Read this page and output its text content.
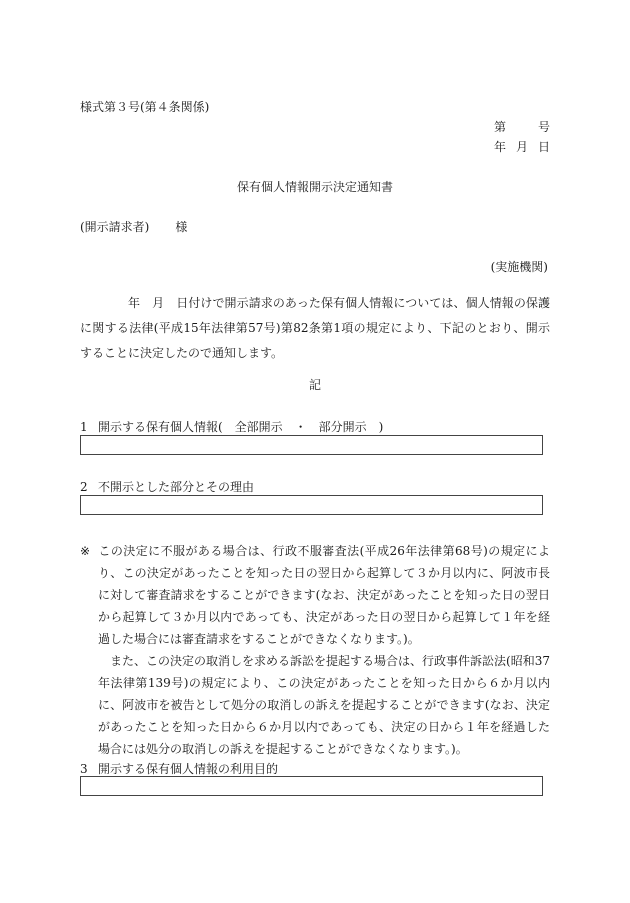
様式第３号(第４条関係)
第	号
年 月 日
保有個人情報開示決定通知書
(開示請求者) 様
(実施機関)

年　月　日付けで開示請求のあった保有個人情報については、個人情報の保護に関する法律(平成15年法律第57号)第82条第1項の規定により、下記のとおり、開示することに決定したので通知します。

記
1 開示する保有個人情報(　全部開示　・　部分開示　)
2 不開示とした部分とその理由

※ この決定に不服がある場合は、行政不服審査法(平成26年法律第68号)の規定により、この決定があったことを知った日の翌日から起算して３か月以内に、阿波市長に対して審査請求をすることができます(なお、決定があったことを知った日の翌日から起算して３か月以内であっても、決定があった日の翌日から起算して１年を経過した場合には審査請求をすることができなくなります。)。

また、この決定の取消しを求める訴訟を提起する場合は、行政事件訴訟法(昭和37年法律第139号)の規定により、この決定があったことを知った日から６か月以内に、阿波市を被告として処分の取消しの訴えを提起することができます(なお、決定があったことを知った日から６か月以内であっても、決定の日から１年を経過した場合には処分の取消しの訴えを提起することができなくなります。)。

3 開示する保有個人情報の利用目的
